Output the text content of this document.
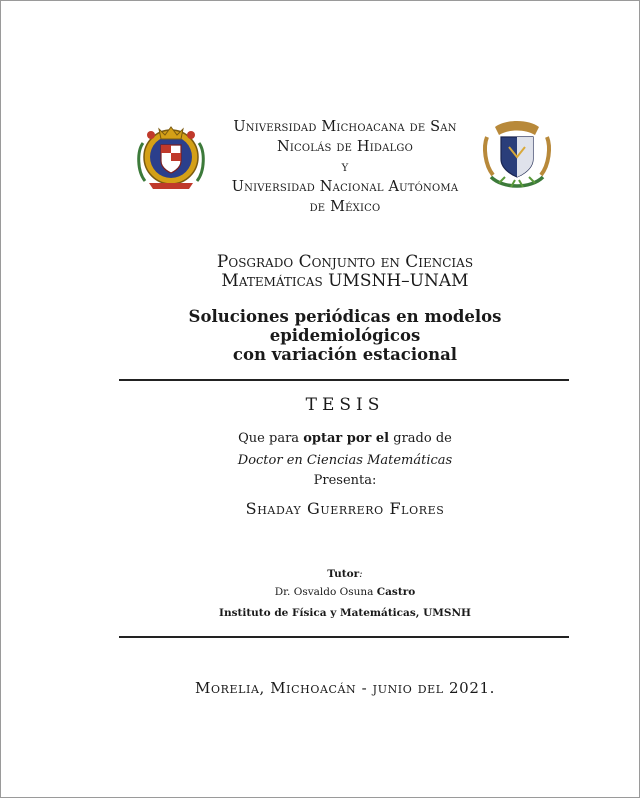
Universidad Michoacana de San
Nicolás de Hidalgo
y
Universidad Nacional Autónoma
de México
Posgrado Conjunto en Ciencias
Matemáticas UMSNH–UNAM
Soluciones periódicas en modelos epidemiológicos
con variación estacional
TESIS
Que para optar por el grado de
Doctor en Ciencias Matemáticas
Presenta:
Shaday Guerrero Flores
Tutor:
Dr. Osvaldo Osuna Castro
Instituto de Física y Matemáticas, UMSNH
Morelia, Michoacán - junio del 2021.
